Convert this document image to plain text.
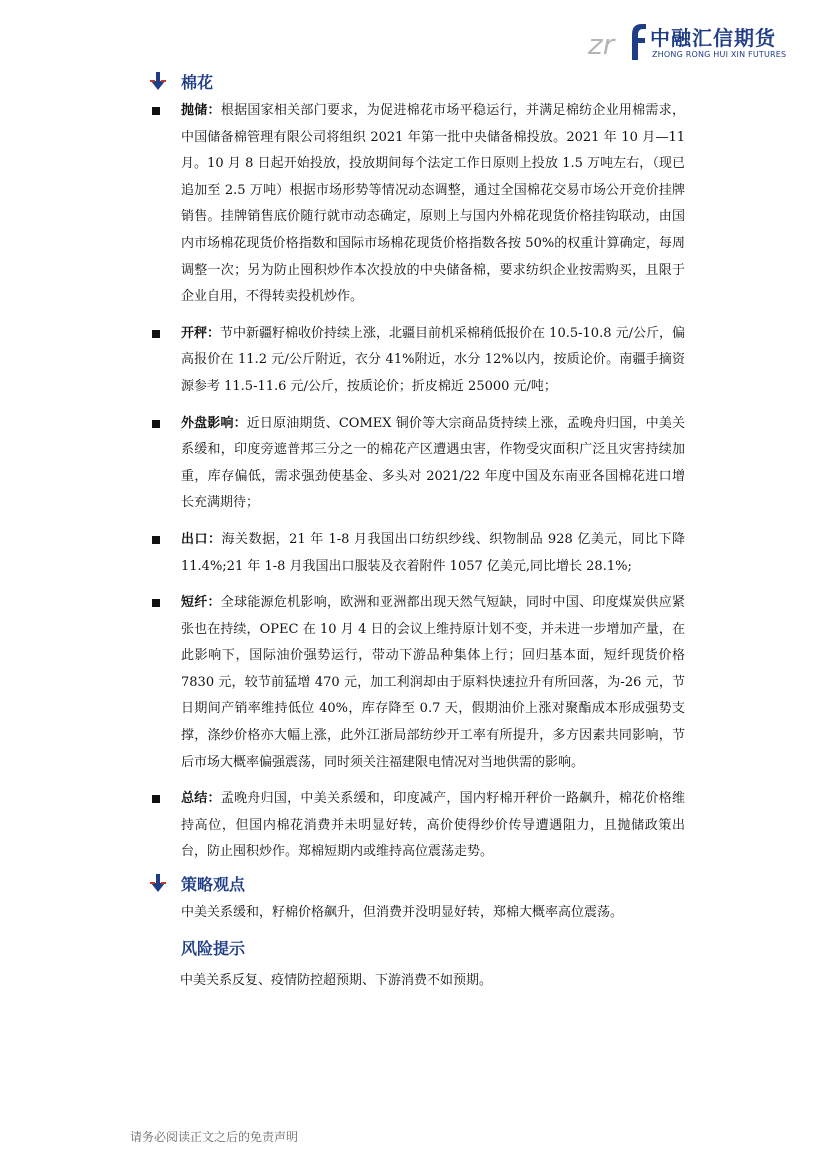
zr 中融汇信期货
ZHONG RONG HUI XIN FUTURES
棉花

抛储：根据国家相关部门要求，为促进棉花市场平稳运行，并满足棉纺企业用棉需求，中国储备棉管理有限公司将组织 2021 年第一批中央储备棉投放。2021 年 10 月—11 月。10 月 8 日起开始投放，投放期间每个法定工作日原则上投放 1.5 万吨左右，（现已追加至 2.5 万吨）根据市场形势等情况动态调整，通过全国棉花交易市场公开竞价挂牌销售。挂牌销售底价随行就市动态确定，原则上与国内外棉花现货价格挂钩联动，由国内市场棉花现货价格指数和国际市场棉花现货价格指数各按 50%的权重计算确定，每周调整一次；另为防止囤积炒作本次投放的中央储备棉，要求纺织企业按需购买，且限于企业自用，不得转卖投机炒作。

开秤：节中新疆籽棉收价持续上涨，北疆目前机采棉稍低报价在 10.5-10.8 元/公斤，偏高报价在 11.2 元/公斤附近，衣分 41%附近，水分 12%以内，按质论价。南疆手摘资源参考 11.5-11.6 元/公斤，按质论价；折皮棉近 25000 元/吨；

外盘影响：近日原油期货、COMEX 铜价等大宗商品货持续上涨，孟晚舟归国，中美关系缓和，印度旁遮普邦三分之一的棉花产区遭遇虫害，作物受灾面积广泛且灾害持续加重，库存偏低，需求强劲使基金、多头对 2021/22 年度中国及东南亚各国棉花进口增长充满期待；

出口：海关数据，21 年 1-8 月我国出口纺织纱线、织物制品 928 亿美元，同比下降 11.4%;21 年 1-8 月我国出口服装及衣着附件 1057 亿美元,同比增长 28.1%;

短纤：全球能源危机影响，欧洲和亚洲都出现天然气短缺，同时中国、印度煤炭供应紧张也在持续，OPEC 在 10 月 4 日的会议上维持原计划不变，并未进一步增加产量，在此影响下，国际油价强势运行，带动下游品种集体上行；回归基本面，短纤现货价格 7830 元，较节前猛增 470 元，加工利润却由于原料快速拉升有所回落，为-26 元，节日期间产销率维持低位 40%，库存降至 0.7 天，假期油价上涨对聚酯成本形成强势支撑，涤纱价格亦大幅上涨，此外江浙局部纺纱开工率有所提升，多方因素共同影响，节后市场大概率偏强震荡，同时须关注福建限电情况对当地供需的影响。

总结：孟晚舟归国，中美关系缓和，印度减产，国内籽棉开秤价一路飙升，棉花价格维持高位，但国内棉花消费并未明显好转，高价使得纱价传导遭遇阻力，且抛储政策出台，防止囤积炒作。郑棉短期内或维持高位震荡走势。

策略观点

中美关系缓和，籽棉价格飙升，但消费并没明显好转，郑棉大概率高位震荡。

风险提示

中美关系反复、疫情防控超预期、下游消费不如预期。

请务必阅读正文之后的免责声明
